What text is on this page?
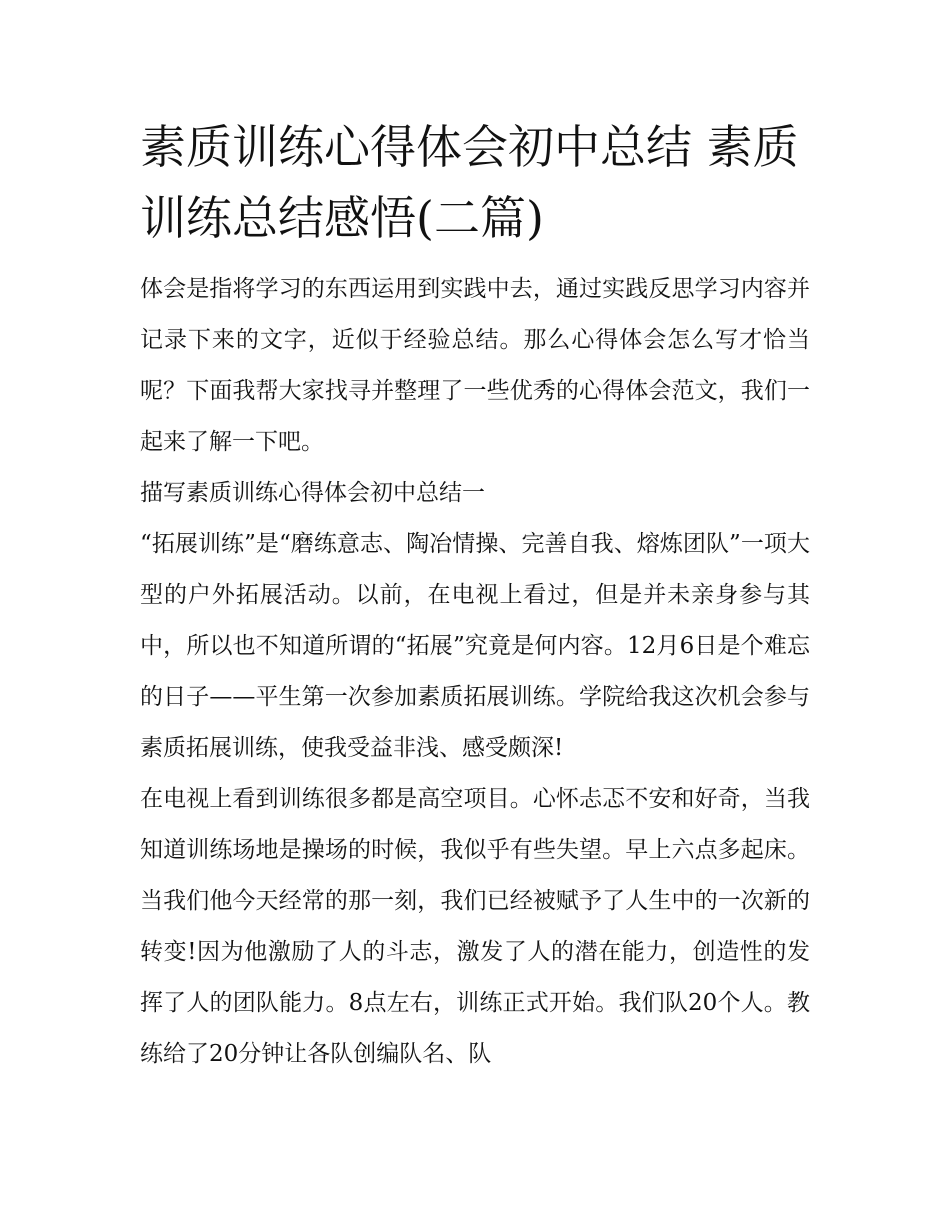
素质训练心得体会初中总结 素质训练总结感悟(二篇)

体会是指将学习的东西运用到实践中去，通过实践反思学习内容并记录下来的文字，近似于经验总结。那么心得体会怎么写才恰当呢？下面我帮大家找寻并整理了一些优秀的心得体会范文，我们一起来了解一下吧。

描写素质训练心得体会初中总结一

“拓展训练”是“磨练意志、陶冶情操、完善自我、熔炼团队”一项大型的户外拓展活动。以前，在电视上看过，但是并未亲身参与其中，所以也不知道所谓的“拓展”究竟是何内容。12月6日是个难忘的日子——平生第一次参加素质拓展训练。学院给我这次机会参与素质拓展训练，使我受益非浅、感受颇深!

在电视上看到训练很多都是高空项目。心怀忐忑不安和好奇，当我知道训练场地是操场的时候，我似乎有些失望。早上六点多起床。当我们他今天经常的那一刻，我们已经被赋予了人生中的一次新的转变!因为他激励了人的斗志，激发了人的潜在能力，创造性的发挥了人的团队能力。8点左右，训练正式开始。我们队20个人。教练给了20分钟让各队创编队名、队
